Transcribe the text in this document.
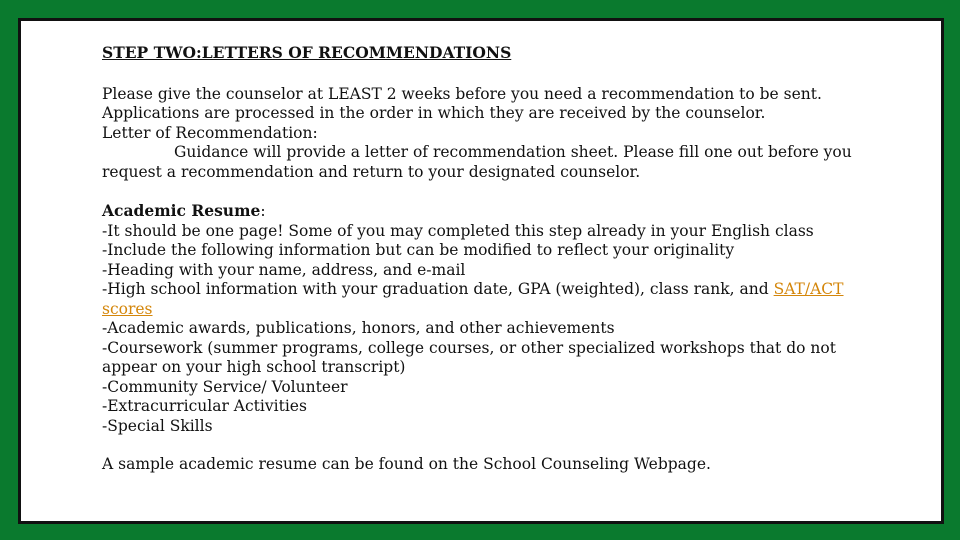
STEP TWO:LETTERS OF RECOMMENDATIONS

Please give the counselor at LEAST 2 weeks before you need a recommendation to be sent.

Applications are processed in the order in which they are received by the counselor.

Letter of Recommendation:

Guidance will provide a letter of recommendation sheet. Please fill one out before you

request a recommendation and return to your designated counselor.

Academic Resume:

-It should be one page! Some of you may completed this step already in your English class

-Include the following information but can be modified to reflect your originality

-Heading with your name, address, and e-mail

-High school information with your graduation date, GPA (weighted), class rank, and SAT/ACT scores

-Academic awards, publications, honors, and other achievements

-Coursework (summer programs, college courses, or other specialized workshops that do not appear on your high school transcript)

-Community Service/ Volunteer

-Extracurricular Activities

-Special Skills

A sample academic resume can be found on the School Counseling Webpage.
